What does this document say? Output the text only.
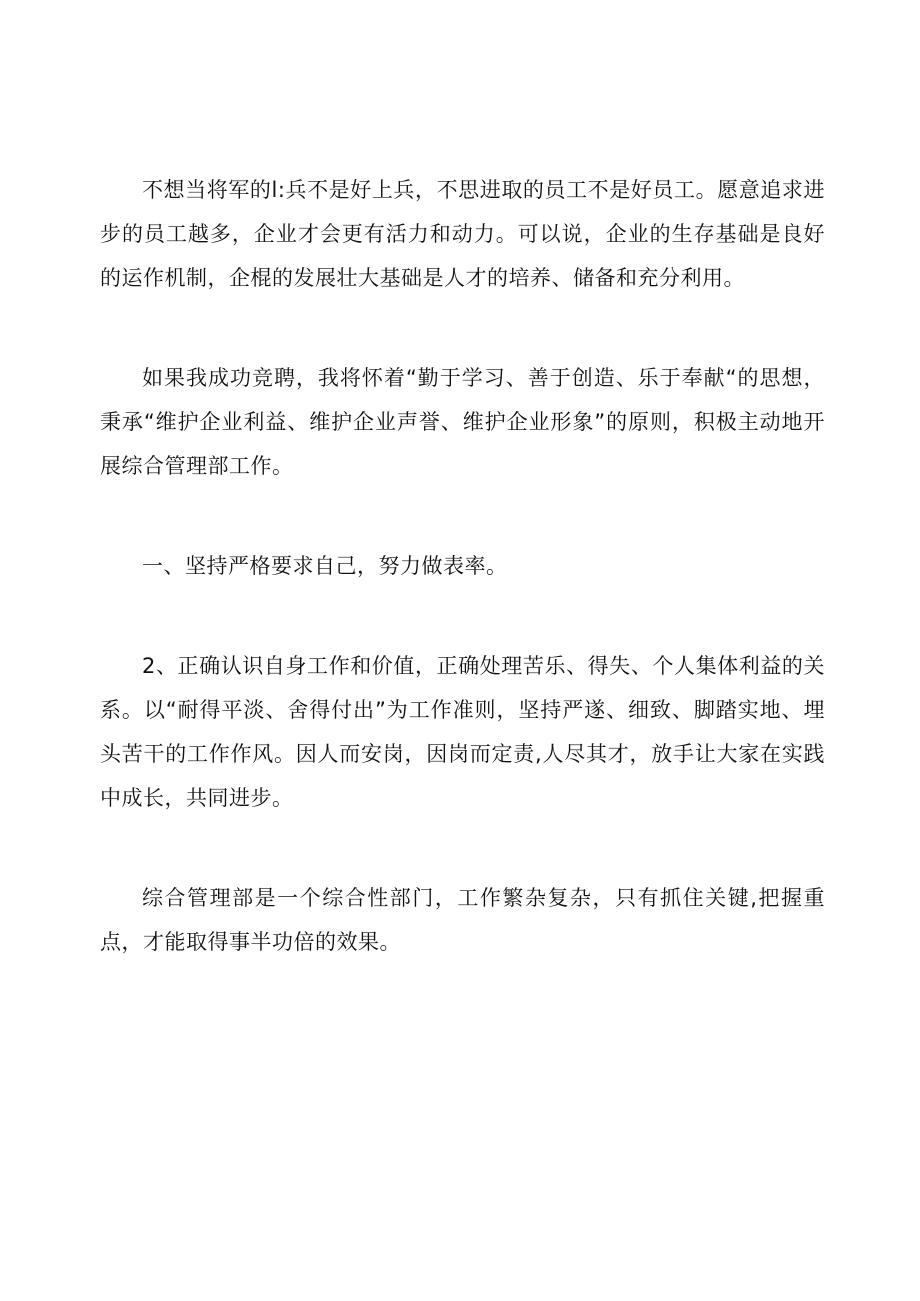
不想当将军的l:兵不是好上兵，不思进取的员工不是好员工。愿意追求进步的员工越多，企业才会更有活力和动力。可以说，企业的生存基础是良好的运作机制，企棍的发展壮大基础是人才的培养、储备和充分利用。

如果我成功竞聘，我将怀着“勤于学习、善于创造、乐于奉献“的思想，秉承“维护企业利益、维护企业声誉、维护企业形象”的原则，积极主动地开展综合管理部工作。

一、坚持严格要求自己，努力做表率。

2、正确认识自身工作和价值，正确处理苦乐、得失、个人集体利益的关系。以“耐得平淡、舍得付出”为工作准则，坚持严遂、细致、脚踏实地、埋头苦干的工作作风。因人而安岗，因岗而定责,人尽其才，放手让大家在实践中成长，共同进步。

综合管理部是一个综合性部门，工作繁杂复杂，只有抓住关键,把握重点，才能取得事半功倍的效果。
